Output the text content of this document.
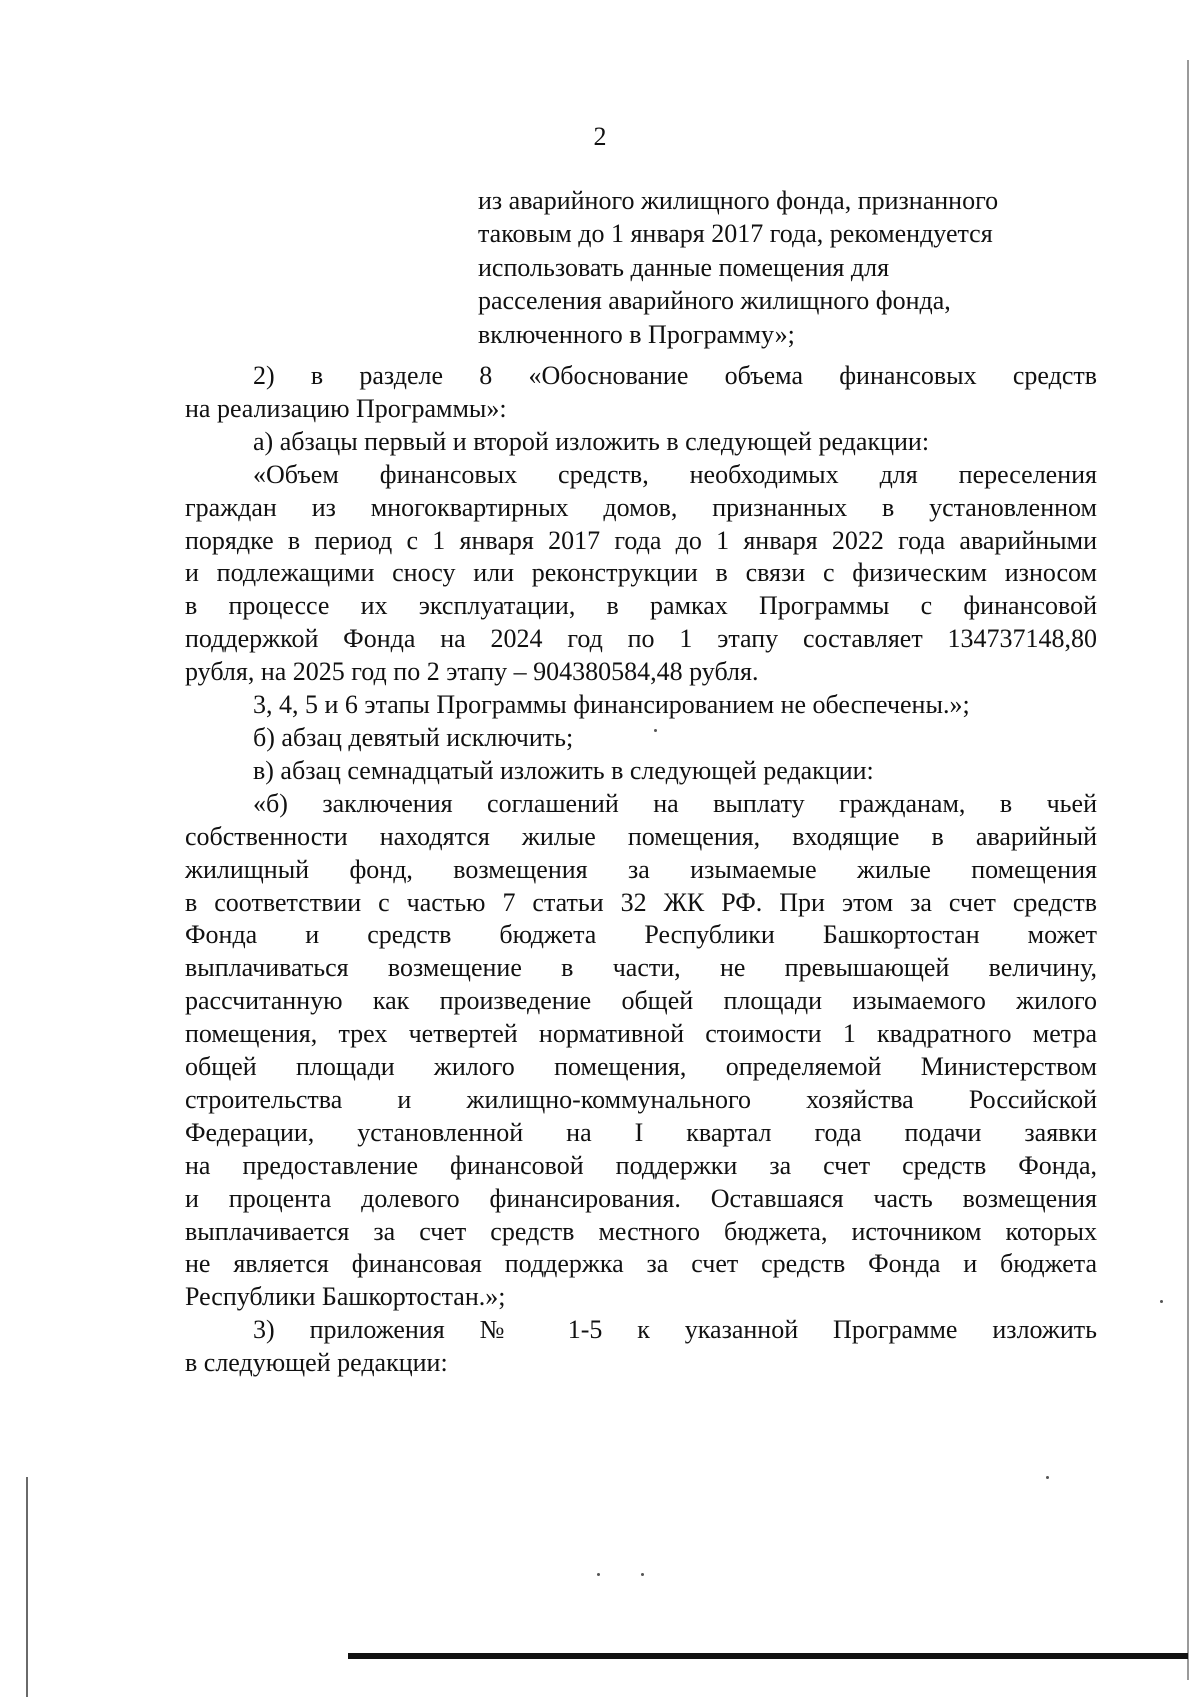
2
из аварийного жилищного фонда, признанного
таковым до 1 января 2017 года, рекомендуется
использовать данные помещения для
расселения аварийного жилищного фонда,
включенного в Программу»;
2) в разделе 8 «Обоснование объема финансовых средств
на реализацию Программы»:
а) абзацы первый и второй изложить в следующей редакции:
«Объем финансовых средств, необходимых для переселения
граждан из многоквартирных домов, признанных в установленном
порядке в период с 1 января 2017 года до 1 января 2022 года аварийными
и подлежащими сносу или реконструкции в связи с физическим износом
в процессе их эксплуатации, в рамках Программы с финансовой
поддержкой Фонда на 2024 год по 1 этапу составляет 134737148,80
рубля, на 2025 год по 2 этапу – 904380584,48 рубля.
3, 4, 5 и 6 этапы Программы финансированием не обеспечены.»;
б) абзац девятый исключить;
в) абзац семнадцатый изложить в следующей редакции:
«б) заключения соглашений на выплату гражданам, в чьей
собственности находятся жилые помещения, входящие в аварийный
жилищный фонд, возмещения за изымаемые жилые помещения
в соответствии с частью 7 статьи 32 ЖК РФ. При этом за счет средств
Фонда и средств бюджета Республики Башкортостан может
выплачиваться возмещение в части, не превышающей величину,
рассчитанную как произведение общей площади изымаемого жилого
помещения, трех четвертей нормативной стоимости 1 квадратного метра
общей площади жилого помещения, определяемой Министерством
строительства и жилищно-коммунального хозяйства Российской
Федерации, установленной на I квартал года подачи заявки
на предоставление финансовой поддержки за счет средств Фонда,
и процента долевого финансирования. Оставшаяся часть возмещения
выплачивается за счет средств местного бюджета, источником которых
не является финансовая поддержка за счет средств Фонда и бюджета
Республики Башкортостан.»;
3) приложения № 1-5 к указанной Программе изложить
в следующей редакции:
